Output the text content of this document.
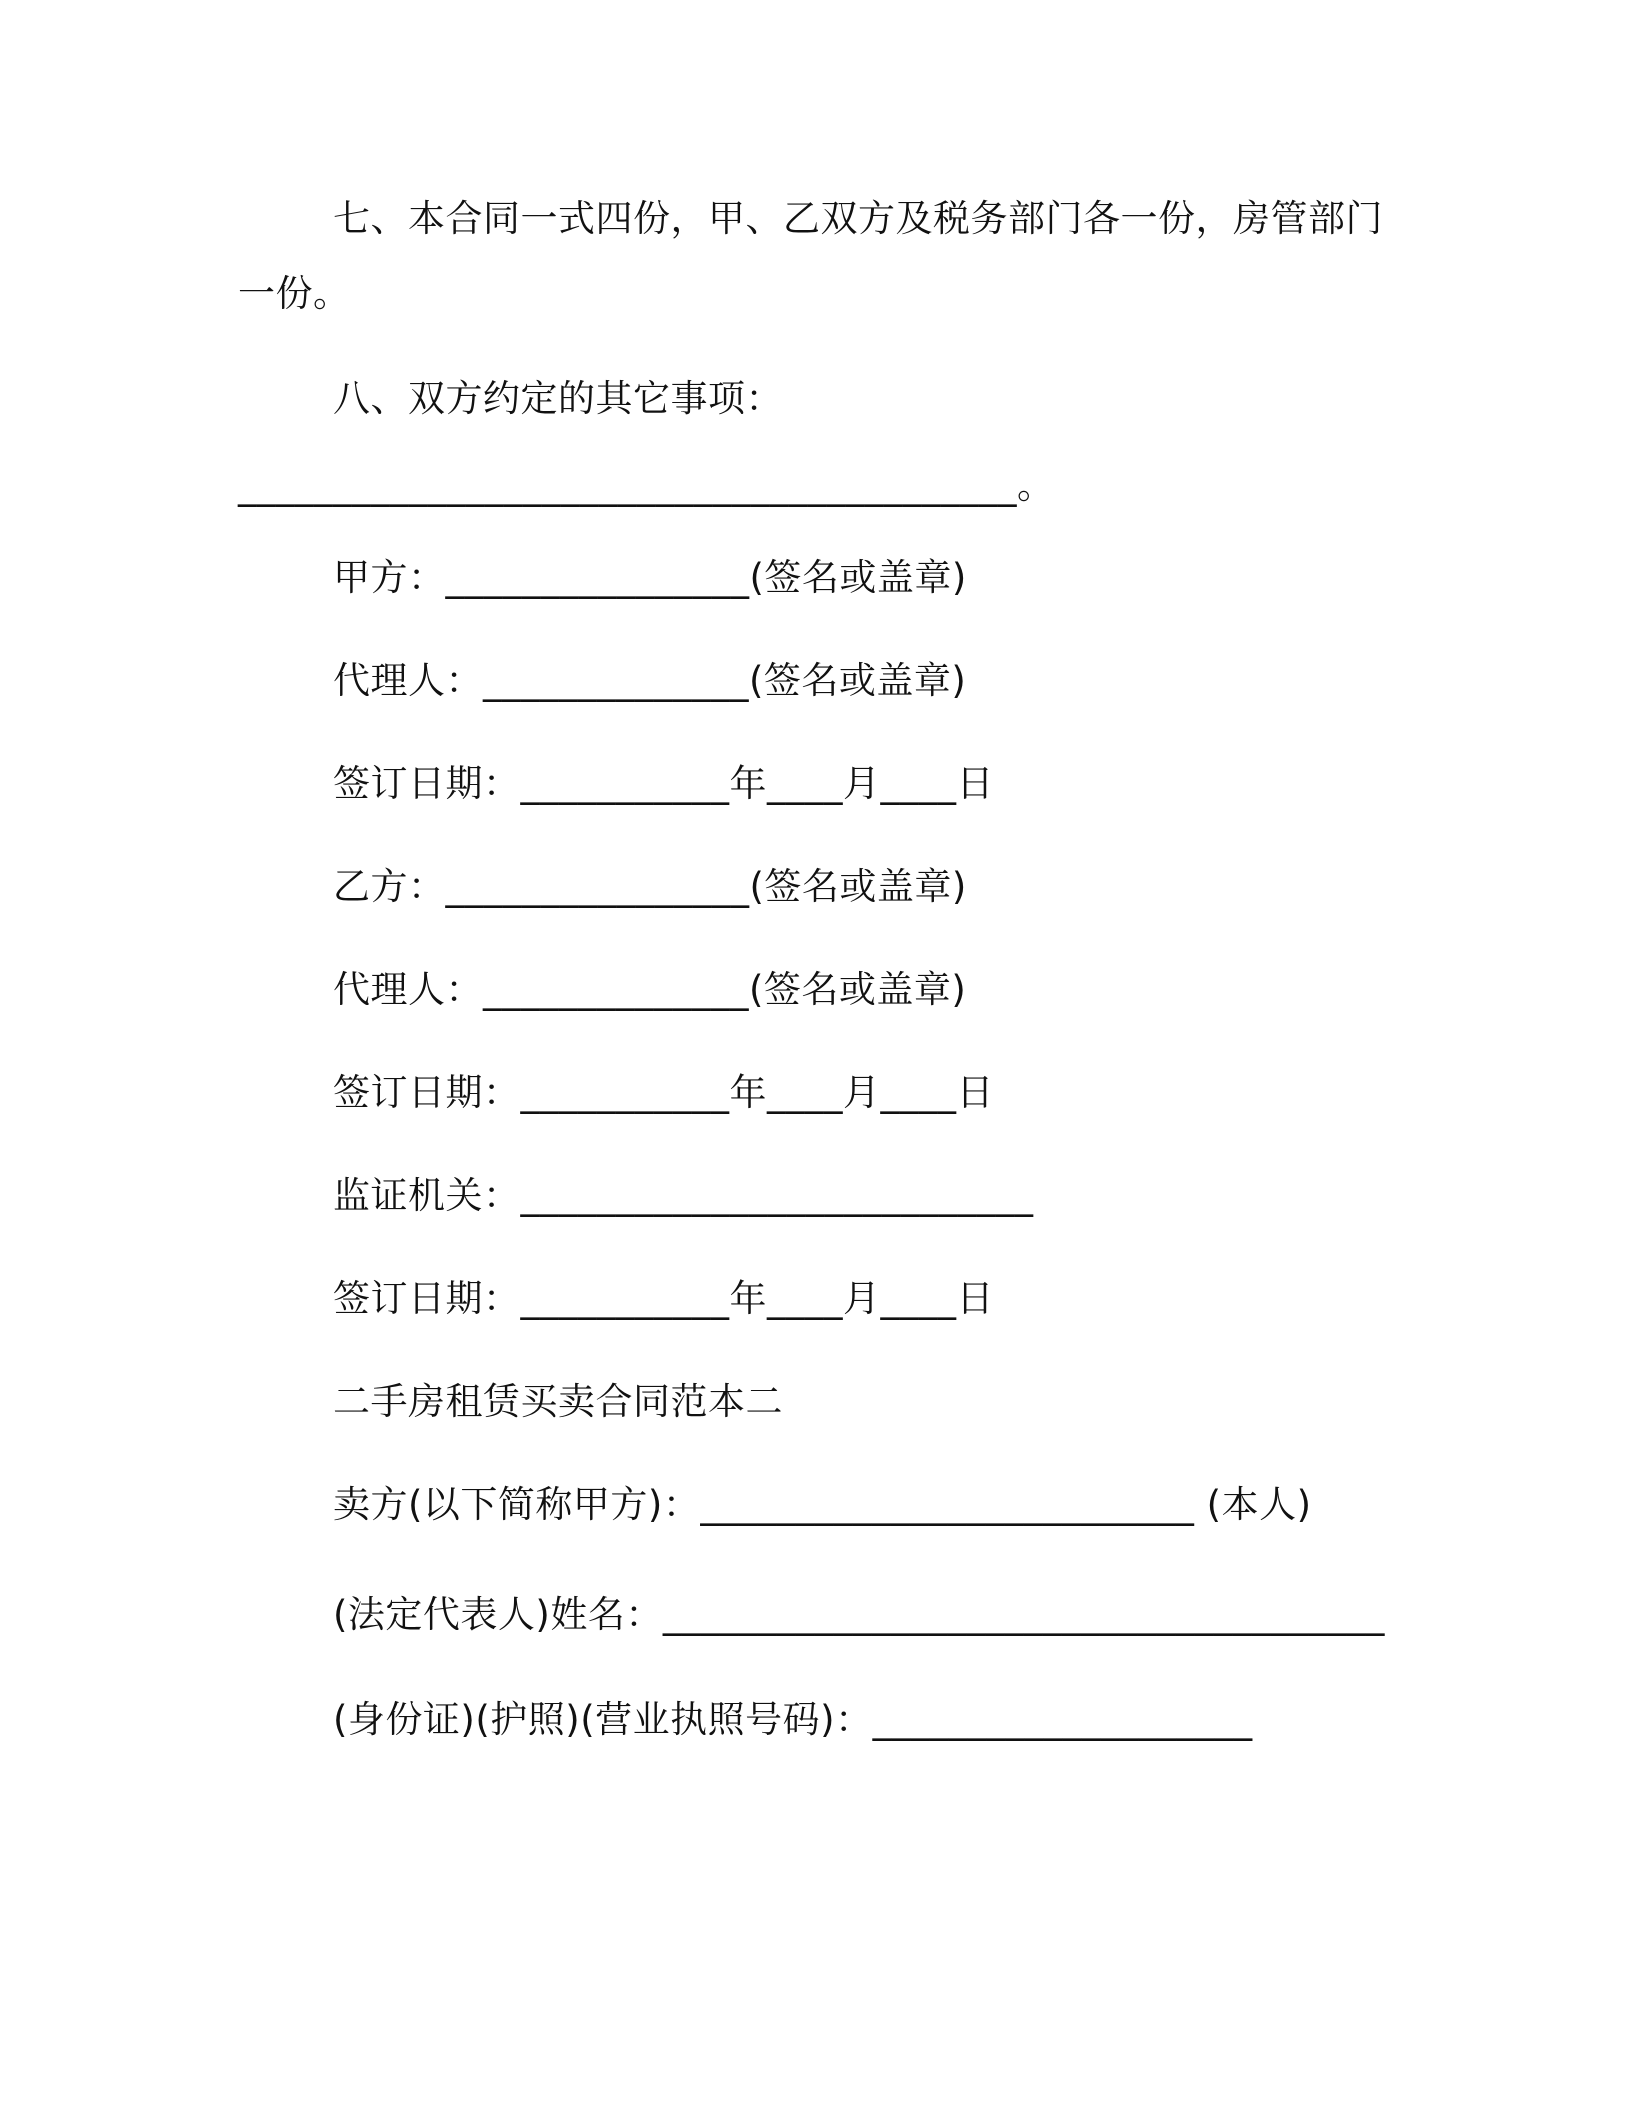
七、本合同一式四份，甲、乙双方及税务部门各一份，房管部门
一份。
八、双方约定的其它事项：
_________________________________________。
甲方：________________(签名或盖章)
代理人：______________(签名或盖章)
签订日期：___________年____月____日
乙方：________________(签名或盖章)
代理人：______________(签名或盖章)
签订日期：___________年____月____日
监证机关：___________________________
签订日期：___________年____月____日
二手房租赁买卖合同范本二
卖方(以下简称甲方)：__________________________ (本人)
(法定代表人)姓名：______________________________________
(身份证)(护照)(营业执照号码)：____________________
